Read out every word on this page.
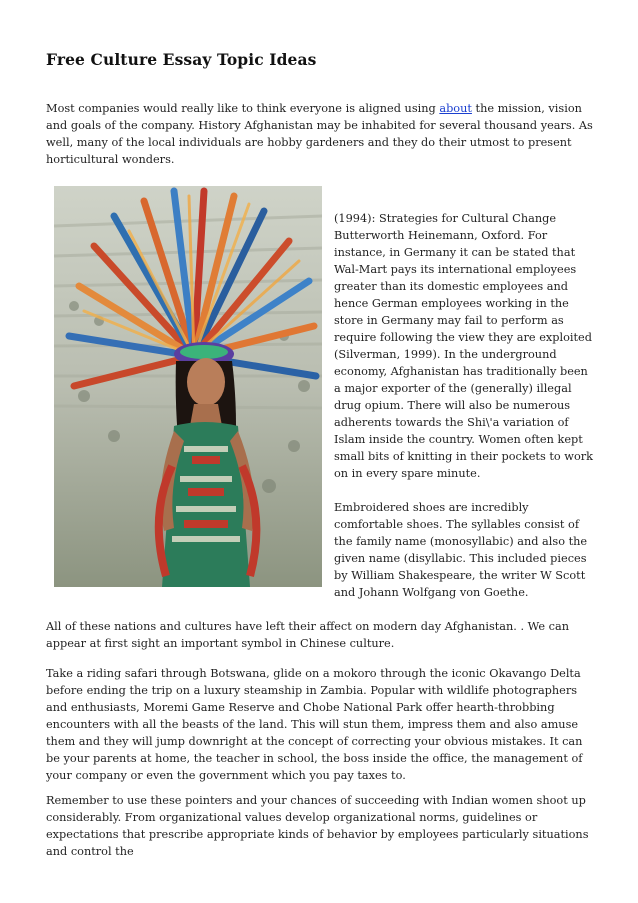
Free Culture Essay Topic Ideas

Most companies would really like to think everyone is aligned using about the mission, vision and goals of the company. History Afghanistan may be inhabited for several thousand years. As well, many of the local individuals are hobby gardeners and they do their utmost to present horticultural wonders.

(1994): Strategies for Cultural Change Butterworth Heinemann, Oxford. For instance, in Germany it can be stated that Wal-Mart pays its international employees greater than its domestic employees and hence German employees working in the store in Germany may fail to perform as require following the view they are exploited (Silverman, 1999). In the underground economy, Afghanistan has traditionally been a major exporter of the (generally) illegal drug opium. There will also be numerous adherents towards the Shi\'a variation of Islam inside the country. Women often kept small bits of knitting in their pockets to work on in every spare minute.

Embroidered shoes are incredibly comfortable shoes. The syllables consist of the family name (monosyllabic) and also the given name (disyllabic. This included pieces by William Shakespeare, the writer W Scott and Johann Wolfgang von Goethe.

All of these nations and cultures have left their affect on modern day Afghanistan. . We can appear at first sight an important symbol in Chinese culture.

Take a riding safari through Botswana, glide on a mokoro through the iconic Okavango Delta before ending the trip on a luxury steamship in Zambia. Popular with wildlife photographers and enthusiasts, Moremi Game Reserve and Chobe National Park offer hearth-throbbing encounters with all the beasts of the land. This will stun them, impress them and also amuse them and they will jump downright at the concept of correcting your obvious mistakes. It can be your parents at home, the teacher in school, the boss inside the office, the management of your company or even the government which you pay taxes to.

Remember to use these pointers and your chances of succeeding with Indian women shoot up considerably. From organizational values develop organizational norms, guidelines or expectations that prescribe appropriate kinds of behavior by employees particularly situations and control the
